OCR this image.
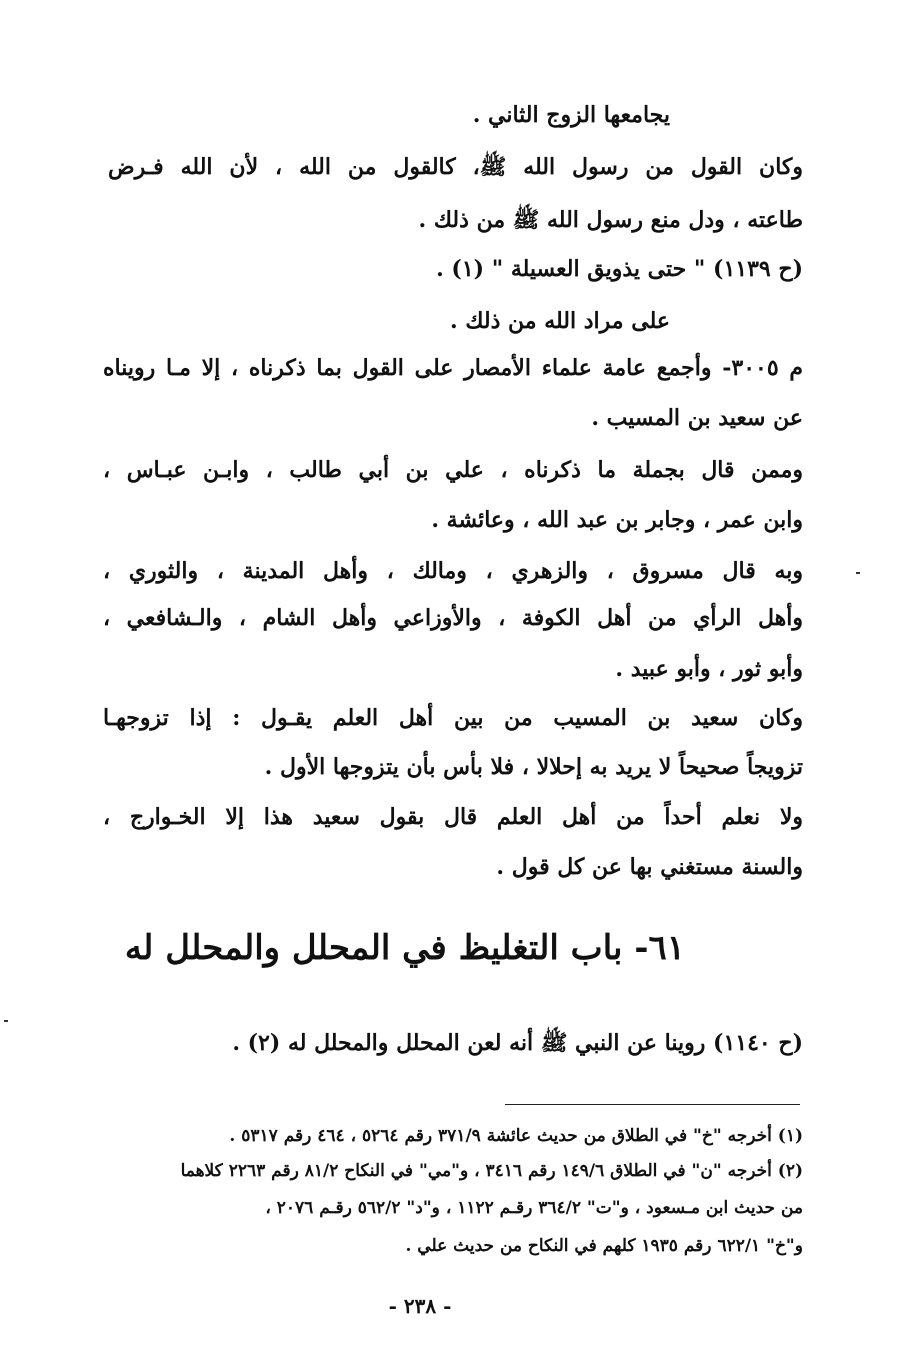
يجامعها الزوج الثاني .
وكان القول من رسول الله ﷺ، كالقول من الله ، لأن الله فـرض
طاعته ، ودل منع رسول الله ﷺ من ذلك .
(ح ١١٣٩) " حتى يذويق العسيلة " (١) .
على مراد الله من ذلك .
م ٣٠٠٥- وأجمع عامة علماء الأمصار على القول بما ذكرناه ، إلا مـا رويناه
عن سعيد بن المسيب .
وممن قال بجملة ما ذكرناه ، علي بن أبي طالب ، وابـن عبـاس ،
وابن عمر ، وجابر بن عبد الله ، وعائشة .
وبه قال مسروق ، والزهري ، ومالك ، وأهل المدينة ، والثوري ،
وأهل الرأي من أهل الكوفة ، والأوزاعي وأهل الشام ، والـشافعي ،
وأبو ثور ، وأبو عبيد .
وكان سعيد بن المسيب من بين أهل العلم يقـول : إذا تزوجهـا
تزويجاً صحيحاً لا يريد به إحلالا ، فلا بأس بأن يتزوجها الأول .
ولا نعلم أحداً من أهل العلم قال بقول سعيد هذا إلا الخـوارج ،
والسنة مستغني بها عن كل قول .
٦١- باب التغليظ في المحلل والمحلل له
(ح ١١٤٠) روينا عن النبي ﷺ أنه لعن المحلل والمحلل له (٢) .
(١) أخرجه "خ" في الطلاق من حديث عائشة ٣٧١/٩ رقم ٥٢٦٤ ، ٤٦٤ رقم ٥٣١٧ .
(٢) أخرجه "ن" في الطلاق ١٤٩/٦ رقم ٣٤١٦ ، و"مي" في النكاح ٨١/٢ رقم ٢٢٦٣ كلاهما
من حديث ابن مـسعود ، و"ت" ٣٦٤/٢ رقـم ١١٢٢ ، و"د" ٥٦٢/٢ رقـم ٢٠٧٦ ،
و"خ" ٦٢٢/١ رقم ١٩٣٥ كلهم في النكاح من حديث علي .
- ٢٣٨ -
